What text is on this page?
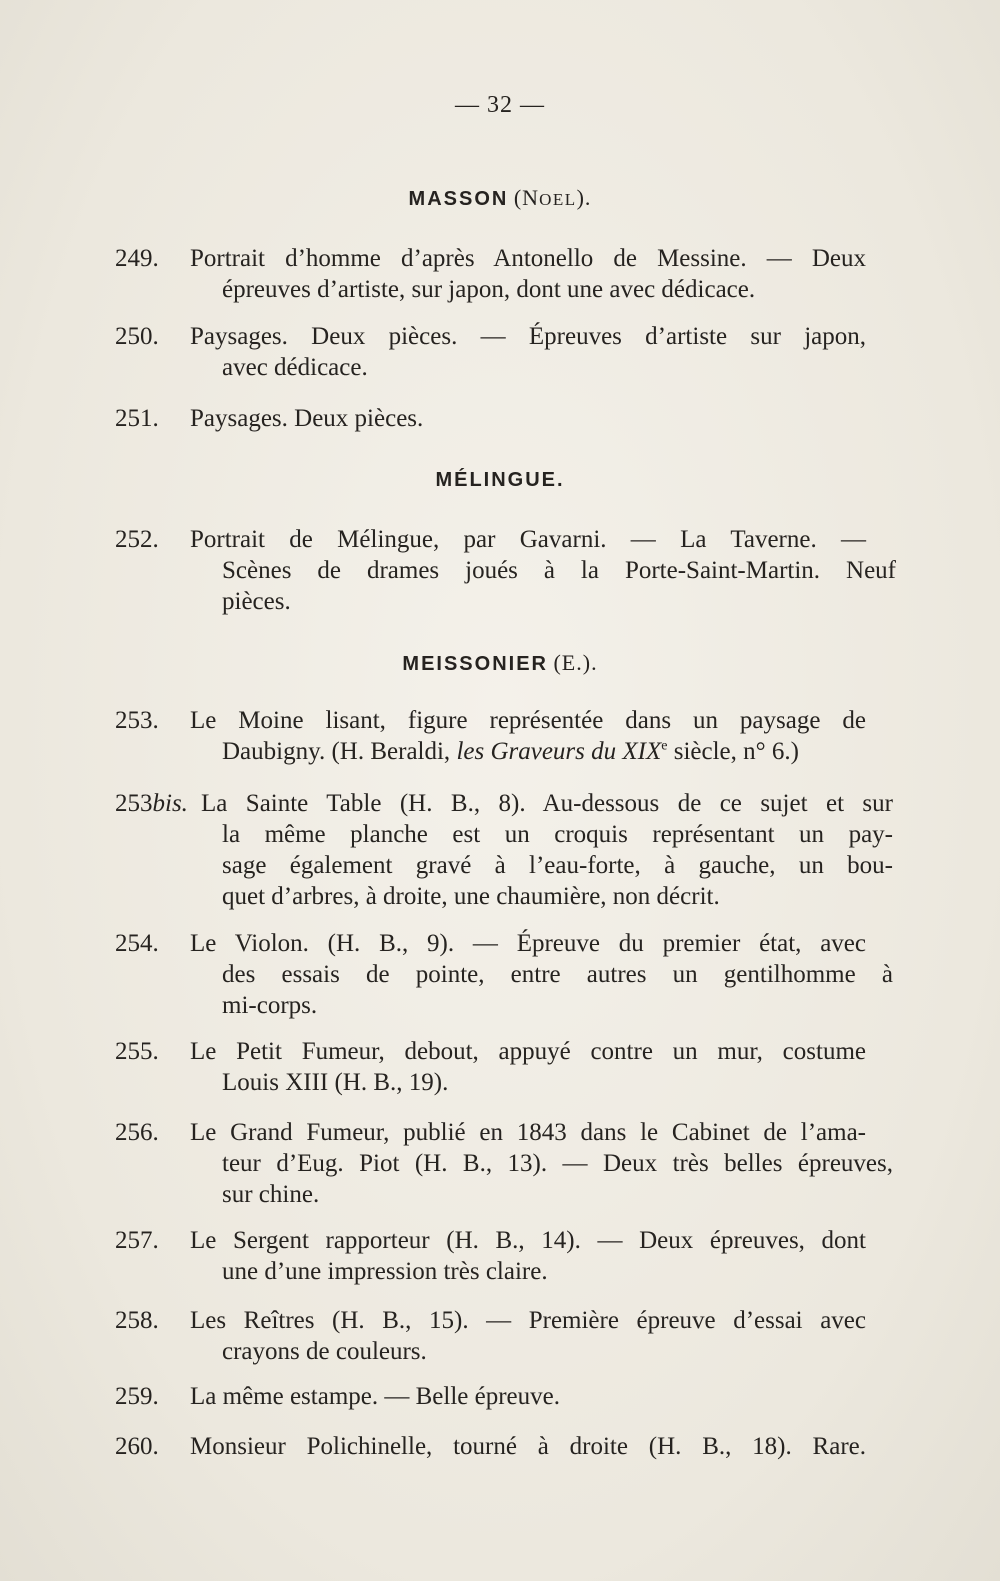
— 32 —
MASSON (NOEL).
249. Portrait d’homme d’après Antonello de Messine. — Deux
épreuves d’artiste, sur japon, dont une avec dédicace.
250. Paysages. Deux pièces. — Épreuves d’artiste sur japon,
avec dédicace.
251. Paysages. Deux pièces.
MÉLINGUE.
252. Portrait de Mélingue, par Gavarni. — La Taverne. —
Scènes de drames joués à la Porte-Saint-Martin. Neuf
pièces.
MEISSONIER (E.).
253. Le Moine lisant, figure représentée dans un paysage de
Daubigny. (H. Beraldi, les Graveurs du XIXe siècle, n° 6.)
253bis. La Sainte Table (H. B., 8). Au-dessous de ce sujet et sur
la même planche est un croquis représentant un pay-
sage également gravé à l’eau-forte, à gauche, un bou-
quet d’arbres, à droite, une chaumière, non décrit.
254. Le Violon. (H. B., 9). — Épreuve du premier état, avec
des essais de pointe, entre autres un gentilhomme à
mi-corps.
255. Le Petit Fumeur, debout, appuyé contre un mur, costume
Louis XIII (H. B., 19).
256. Le Grand Fumeur, publié en 1843 dans le Cabinet de l’ama-
teur d’Eug. Piot (H. B., 13). — Deux très belles épreuves,
sur chine.
257. Le Sergent rapporteur (H. B., 14). — Deux épreuves, dont
une d’une impression très claire.
258. Les Reîtres (H. B., 15). — Première épreuve d’essai avec
crayons de couleurs.
259. La même estampe. — Belle épreuve.
260. Monsieur Polichinelle, tourné à droite (H. B., 18). Rare.
